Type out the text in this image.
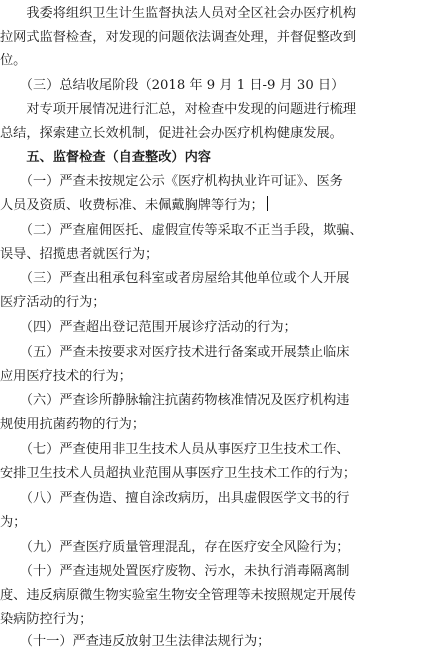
　　我委将组织卫生计生监督执法人员对全区社会办医疗机构
拉网式监督检查，对发现的问题依法调查处理，并督促整改到
位。
　　（三）总结收尾阶段（2018 年 9 月 1 日-9 月 30 日）
　　对专项开展情况进行汇总，对检查中发现的问题进行梳理
总结，探索建立长效机制，促进社会办医疗机构健康发展。
　　五、监督检查（自查整改）内容
　　（一）严查未按规定公示《医疗机构执业许可证》、医务
人员及资质、收费标准、未佩戴胸牌等行为；
　　（二）严查雇佣医托、虚假宣传等采取不正当手段，欺骗、
误导、招揽患者就医行为；
　　（三）严查出租承包科室或者房屋给其他单位或个人开展
医疗活动的行为；
　　（四）严查超出登记范围开展诊疗活动的行为；
　　（五）严查未按要求对医疗技术进行备案或开展禁止临床
应用医疗技术的行为；
　　（六）严查诊所静脉输注抗菌药物核准情况及医疗机构违
规使用抗菌药物的行为；
　　（七）严查使用非卫生技术人员从事医疗卫生技术工作、
安排卫生技术人员超执业范围从事医疗卫生技术工作的行为；
　　（八）严查伪造、擅自涂改病历，出具虚假医学文书的行
为；
　　（九）严查医疗质量管理混乱，存在医疗安全风险行为；
　　（十）严查违规处置医疗废物、污水，未执行消毒隔离制
度、违反病原微生物实验室生物安全管理等未按照规定开展传
染病防控行为；
　　（十一）严查违反放射卫生法律法规行为；
